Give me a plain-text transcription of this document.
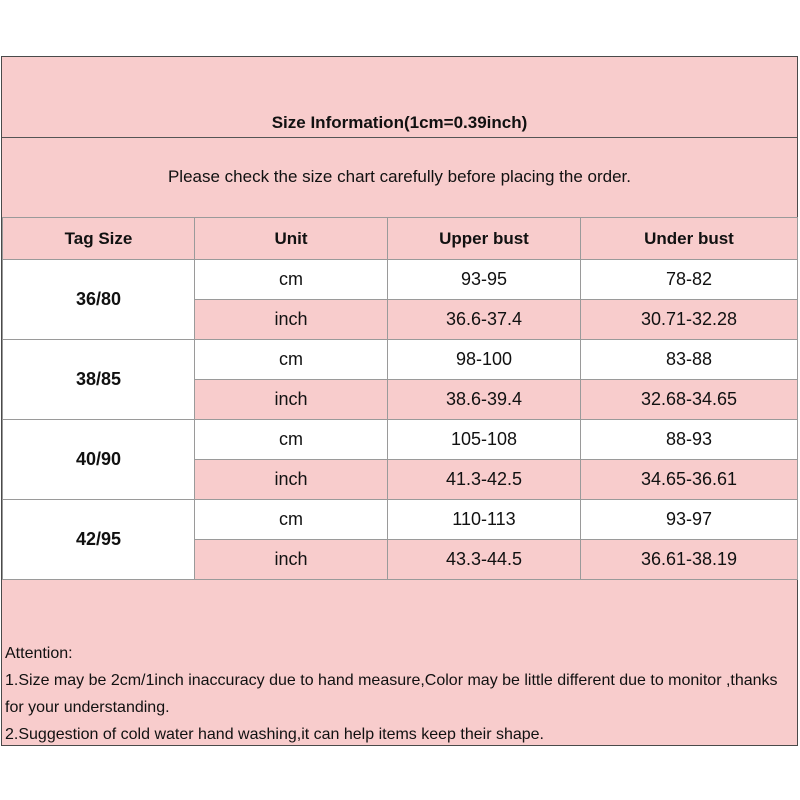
Size Information(1cm=0.39inch)
Please check the size chart carefully before placing the order.
Tag Size	Unit	Upper bust	Under bust
36/80	cm	93-95	78-82
	inch	36.6-37.4	30.71-32.28
38/85	cm	98-100	83-88
	inch	38.6-39.4	32.68-34.65
40/90	cm	105-108	88-93
	inch	41.3-42.5	34.65-36.61
42/95	cm	110-113	93-97
	inch	43.3-44.5	36.61-38.19
Attention:
1.Size may be 2cm/1inch inaccuracy due to hand measure,Color may be little different due to monitor ,thanks for your understanding.
2.Suggestion of cold water hand washing,it can help items keep their shape.
